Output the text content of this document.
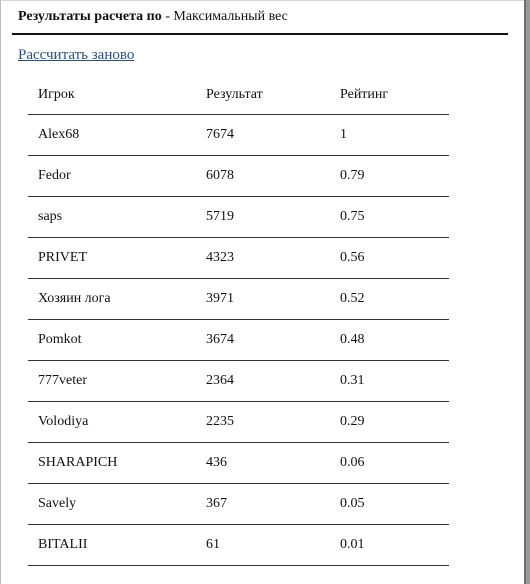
Результаты расчета по - Максимальный вес
Рассчитать заново
Игрок	Результат	Рейтинг
Alex68	7674	1
Fedor	6078	0.79
saps	5719	0.75
PRIVET	4323	0.56
Хозяин лога	3971	0.52
Pomkot	3674	0.48
777veter	2364	0.31
Volodiya	2235	0.29
SHARAPICH	436	0.06
Savely	367	0.05
BITALII	61	0.01
